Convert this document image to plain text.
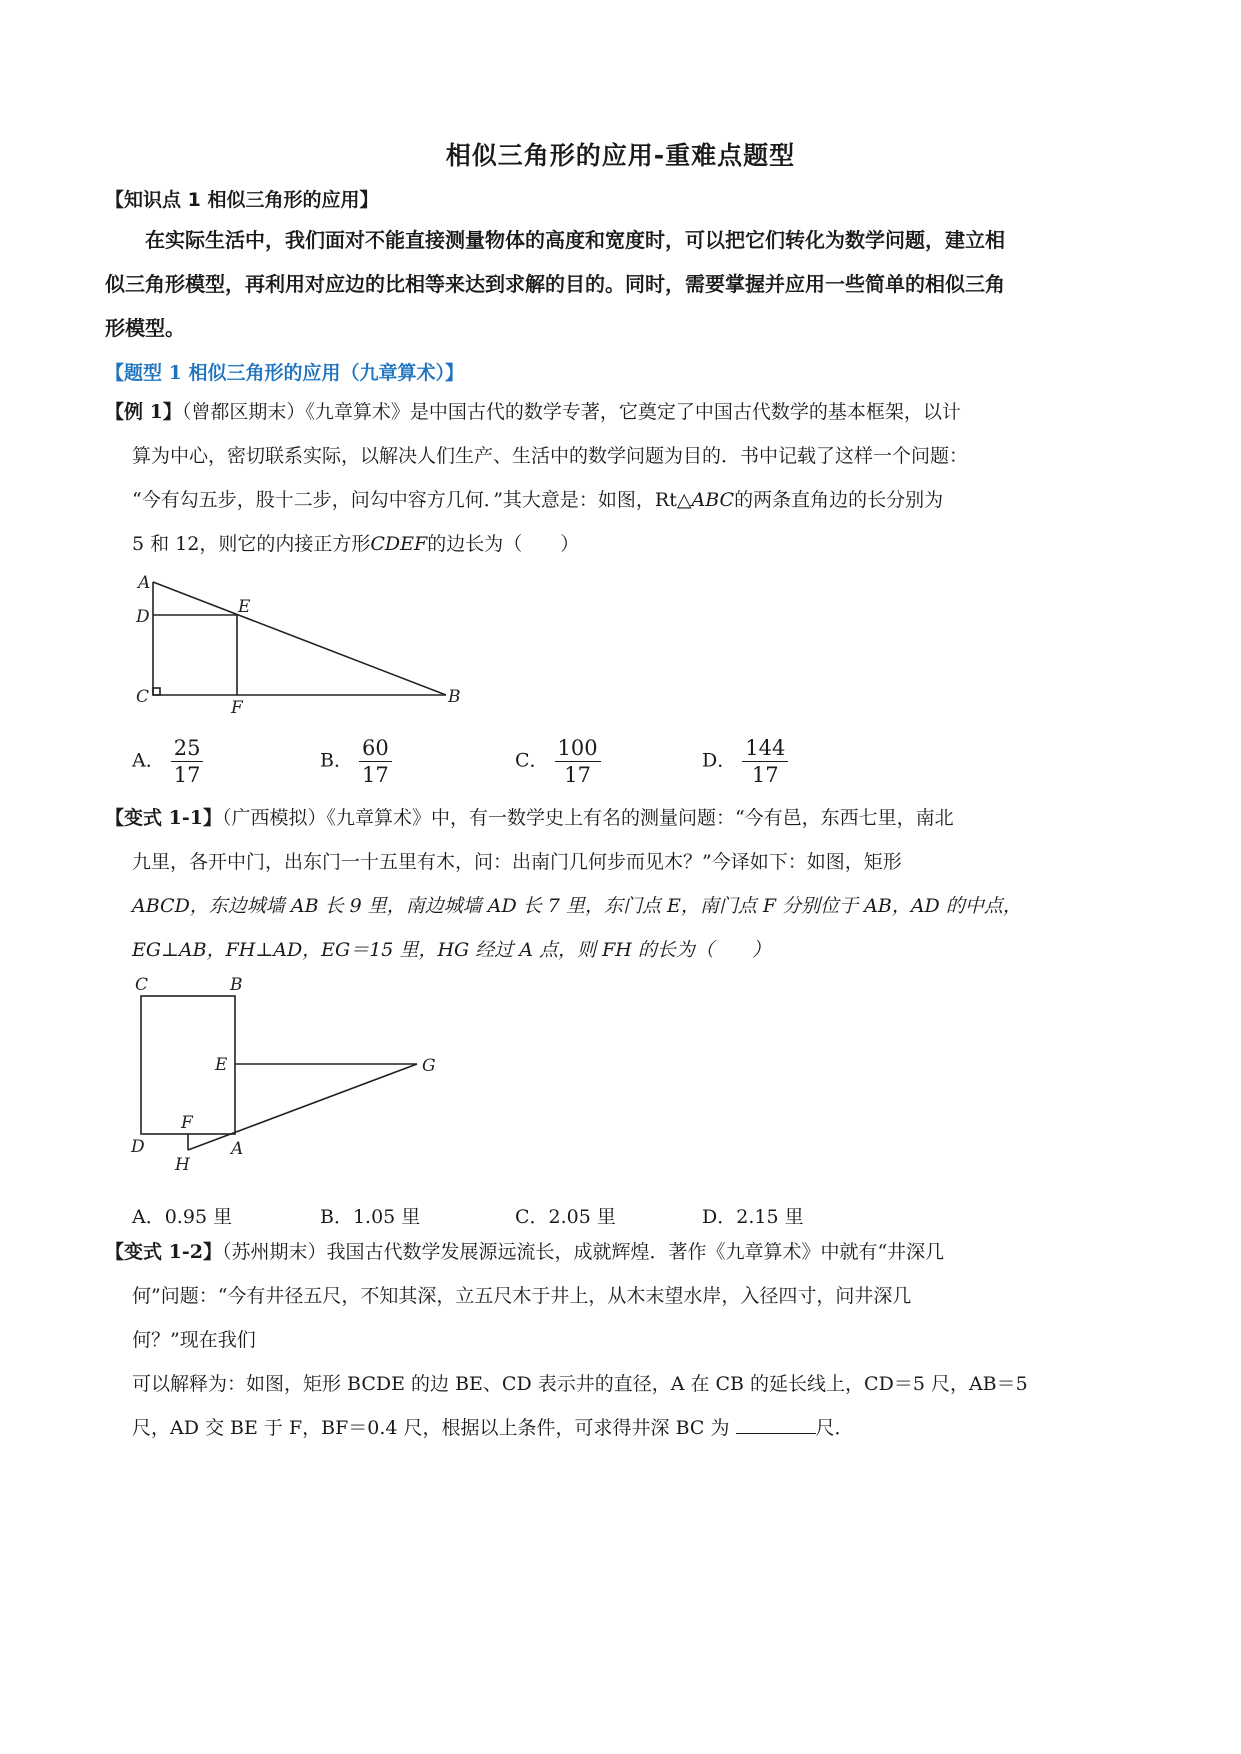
相似三角形的应用-重难点题型
【知识点 1 相似三角形的应用】
在实际生活中，我们面对不能直接测量物体的高度和宽度时，可以把它们转化为数学问题，建立相
似三角形模型，再利用对应边的比相等来达到求解的目的。同时，需要掌握并应用一些简单的相似三角
形模型。
【题型 1 相似三角形的应用（九章算术）】
【例 1】（曾都区期末）《九章算术》是中国古代的数学专著，它奠定了中国古代数学的基本框架，以计
算为中心，密切联系实际，以解决人们生产、生活中的数学问题为目的．书中记载了这样一个问题：
“今有勾五步，股十二步，问勾中容方几何．”其大意是：如图，Rt△ABC的两条直角边的长分别为
5 和 12，则它的内接正方形CDEF的边长为（　　）
A
D	E
C
F
B
A． $\frac{25}{17}$	B． $\frac{60}{17}$	C． $\frac{100}{17}$	D． $\frac{144}{17}$
【变式 1-1】（广西模拟）《九章算术》中，有一数学史上有名的测量问题：“今有邑，东西七里，南北
九里，各开中门，出东门一十五里有木，问：出南门几何步而见木？”今译如下：如图，矩形
ABCD，东边城墙 AB 长 9 里，南边城墙 AD 长 7 里，东门点 E，南门点 F 分别位于 AB，AD 的中点，
EG⊥AB，FH⊥AD，EG＝15 里，HG 经过 A 点，则 FH 的长为（　　）
C	B
E	G
F
D	A
H
A．0.95 里	B．1.05 里	C．2.05 里	D．2.15 里
【变式 1-2】（苏州期末）我国古代数学发展源远流长，成就辉煌．著作《九章算术》中就有“井深几
何”问题：“今有井径五尺，不知其深，立五尺木于井上，从木末望水岸，入径四寸，问井深几
何？”现在我们
可以解释为：如图，矩形 BCDE 的边 BE、CD 表示井的直径，A 在 CB 的延长线上，CD＝5 尺，AB＝5
尺，AD 交 BE 于 F，BF＝0.4 尺，根据以上条件，可求得井深 BC 为	尺．
